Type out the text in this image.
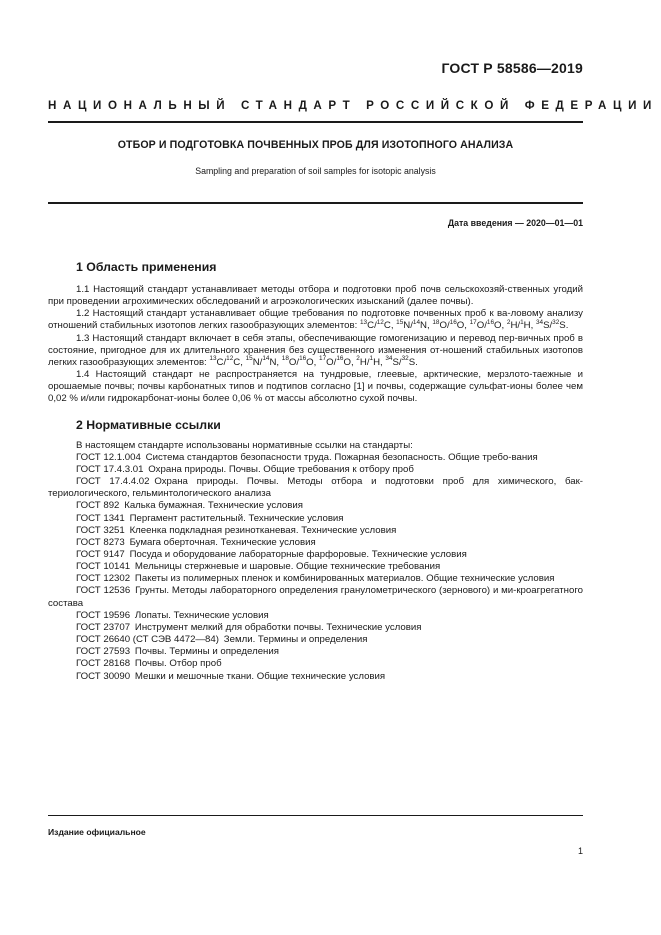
ГОСТ Р 58586—2019
НАЦИОНАЛЬНЫЙ СТАНДАРТ РОССИЙСКОЙ ФЕДЕРАЦИИ
ОТБОР И ПОДГОТОВКА ПОЧВЕННЫХ ПРОБ ДЛЯ ИЗОТОПНОГО АНАЛИЗА
Sampling and preparation of soil samples for isotopic analysis
Дата введения — 2020—01—01
1 Область применения

1.1 Настоящий стандарт устанавливает методы отбора и подготовки проб почв сельскохозяй-ственных угодий при проведении агрохимических обследований и агроэкологических изысканий (далее почвы).

1.2 Настоящий стандарт устанавливает общие требования по подготовке почвенных проб к ва-ловому анализу отношений стабильных изотопов легких газообразующих элементов: $^{13}$C/$^{12}$C, $^{15}$N/$^{14}$N, $^{18}$O/$^{16}$O, $^{17}$O/$^{16}$O, $^2$H/$^1$H, $^{34}$S/$^{32}$S.

1.3 Настоящий стандарт включает в себя этапы, обеспечивающие гомогенизацию и перевод пер-вичных проб в состояние, пригодное для их длительного хранения без существенного изменения от-ношений стабильных изотопов легких газообразующих элементов: $^{13}$C/$^{12}$C, $^{15}$N/$^{14}$N, $^{18}$O/$^{16}$O, $^{17}$O/$^{16}$O, $^2$H/$^1$H, $^{34}$S/$^{32}$S.

1.4 Настоящий стандарт не распространяется на тундровые, глеевые, арктические, мерзлото-таежные и орошаемые почвы; почвы карбонатных типов и подтипов согласно [1] и почвы, содержащие сульфат-ионы более чем 0,02 % и/или гидрокарбонат-ионы более 0,06 % от массы абсолютно сухой почвы.

2 Нормативные ссылки

В настоящем стандарте использованы нормативные ссылки на стандарты:

ГОСТ 12.1.004  Система стандартов безопасности труда. Пожарная безопасность. Общие требо-вания

ГОСТ 17.4.3.01  Охрана природы. Почвы. Общие требования к отбору проб

ГОСТ 17.4.4.02  Охрана природы. Почвы. Методы отбора и подготовки проб для химического, бак-териологического, гельминтологического анализа

ГОСТ 892  Калька бумажная. Технические условия

ГОСТ 1341  Пергамент растительный. Технические условия

ГОСТ 3251  Клеенка подкладная резинотканевая. Технические условия

ГОСТ 8273  Бумага оберточная. Технические условия

ГОСТ 9147  Посуда и оборудование лабораторные фарфоровые. Технические условия

ГОСТ 10141  Мельницы стержневые и шаровые. Общие технические требования

ГОСТ 12302  Пакеты из полимерных пленок и комбинированных материалов. Общие технические условия

ГОСТ 12536  Грунты. Методы лабораторного определения гранулометрического (зернового) и ми-кроагрегатного состава

ГОСТ 19596  Лопаты. Технические условия

ГОСТ 23707  Инструмент мелкий для обработки почвы. Технические условия

ГОСТ 26640 (СТ СЭВ 4472—84)  Земли. Термины и определения

ГОСТ 27593  Почвы. Термины и определения

ГОСТ 28168  Почвы. Отбор проб

ГОСТ 30090  Мешки и мешочные ткани. Общие технические условия

Издание официальное
1
